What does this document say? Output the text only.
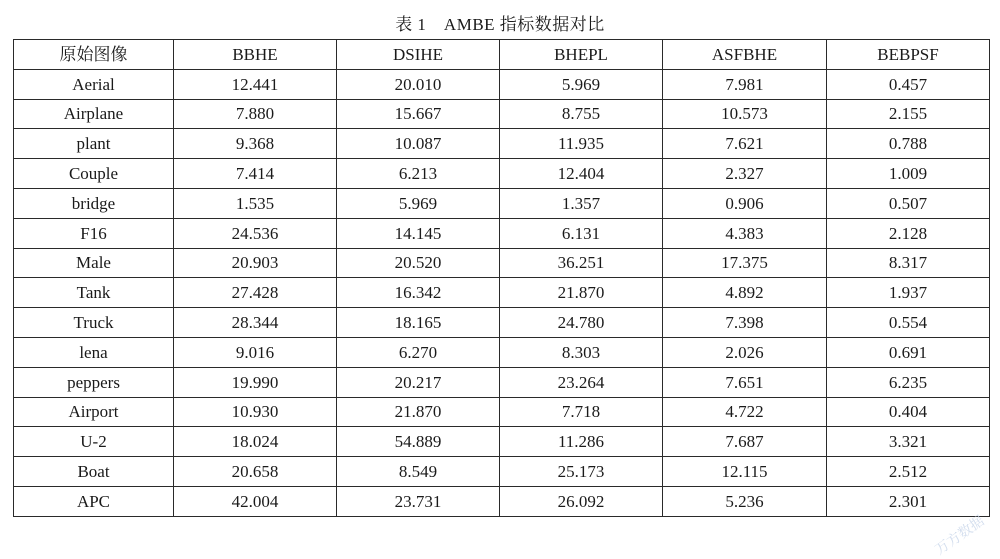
表 1　AMBE 指标数据对比
原始图像	BBHE	DSIHE	BHEPL	ASFBHE	BEBPSF
Aerial	12.441	20.010	5.969	7.981	0.457
Airplane	7.880	15.667	8.755	10.573	2.155
plant	9.368	10.087	11.935	7.621	0.788
Couple	7.414	6.213	12.404	2.327	1.009
bridge	1.535	5.969	1.357	0.906	0.507
F16	24.536	14.145	6.131	4.383	2.128
Male	20.903	20.520	36.251	17.375	8.317
Tank	27.428	16.342	21.870	4.892	1.937
Truck	28.344	18.165	24.780	7.398	0.554
lena	9.016	6.270	8.303	2.026	0.691
peppers	19.990	20.217	23.264	7.651	6.235
Airport	10.930	21.870	7.718	4.722	0.404
U-2	18.024	54.889	11.286	7.687	3.321
Boat	20.658	8.549	25.173	12.115	2.512
APC	42.004	23.731	26.092	5.236	2.301
万方数据
